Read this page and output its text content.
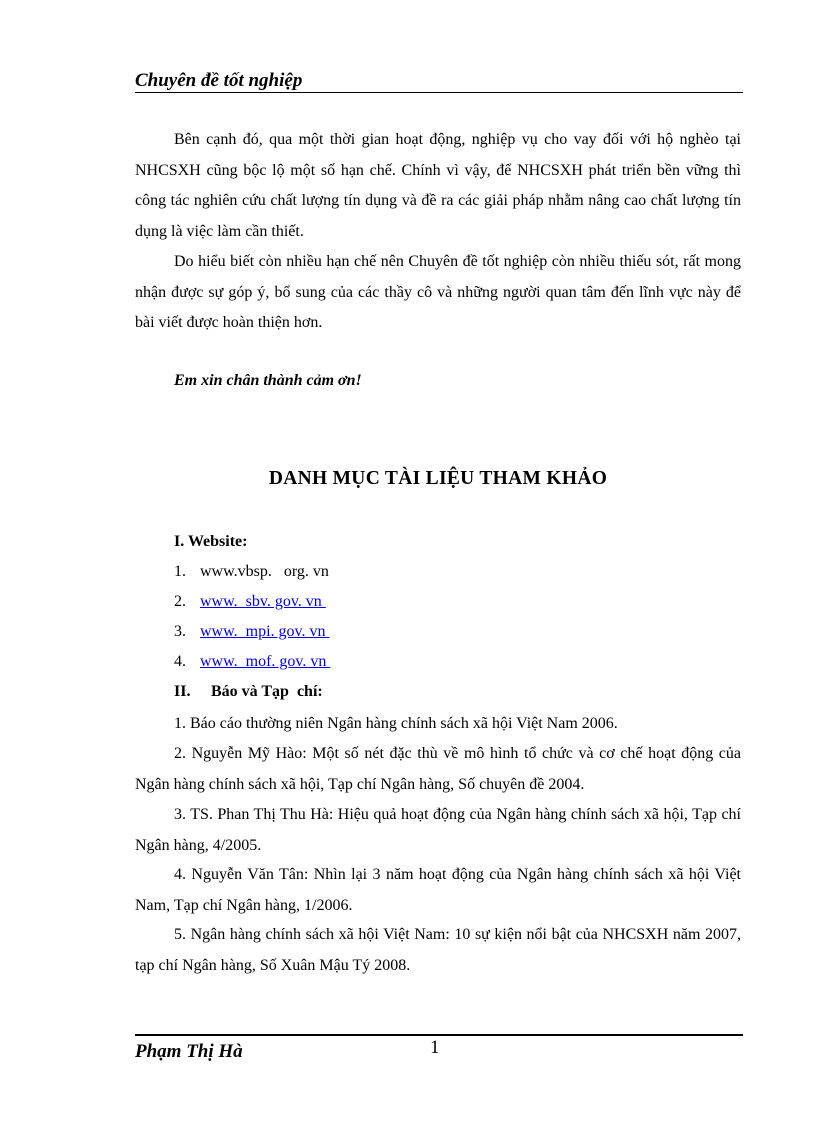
Chuyên đề tốt nghiệp
Bên cạnh đó, qua một thời gian hoạt động, nghiệp vụ cho vay đối với hộ nghèo tại NHCSXH cũng bộc lộ một số hạn chế. Chính vì vậy, để NHCSXH phát triển bền vững thì công tác nghiên cứu chất lượng tín dụng và đề ra các giải pháp nhằm nâng cao chất lượng tín dụng là việc làm cần thiết.
Do hiểu biết còn nhiều hạn chế nên Chuyên đề tốt nghiệp còn nhiều thiếu sót, rất mong nhận được sự góp ý, bổ sung của các thầy cô và những người quan tâm đến lĩnh vực này để bài viết được hoàn thiện hơn.
Em xin chân thành cảm ơn!
DANH MỤC TÀI LIỆU THAM KHẢO
I. Website:
1. www.vbsp.   org. vn
2. www.  sbv. gov. vn
3. www.  mpi. gov. vn
4. www.  mof. gov. vn
II. Báo và Tạp  chí:
1. Báo cáo thường niên Ngân hàng chính sách xã hội Việt Nam 2006.
2. Nguyễn Mỹ Hào: Một số nét đặc thù về mô hình tổ chức và cơ chế hoạt động của Ngân hàng chính sách xã hội, Tạp chí Ngân hàng, Số chuyên đề 2004.
3. TS. Phan Thị Thu Hà: Hiệu quả hoạt động của Ngân hàng chính sách xã hội, Tạp chí Ngân hàng, 4/2005.
4. Nguyễn Văn Tân: Nhìn lại 3 năm hoạt động của Ngân hàng chính sách xã hội Việt Nam, Tạp chí Ngân hàng, 1/2006.
5. Ngân hàng chính sách xã hội Việt Nam: 10 sự kiện nổi bật của NHCSXH năm 2007, tạp chí Ngân hàng, Số Xuân Mậu Tý 2008.
Phạm Thị Hà	1
